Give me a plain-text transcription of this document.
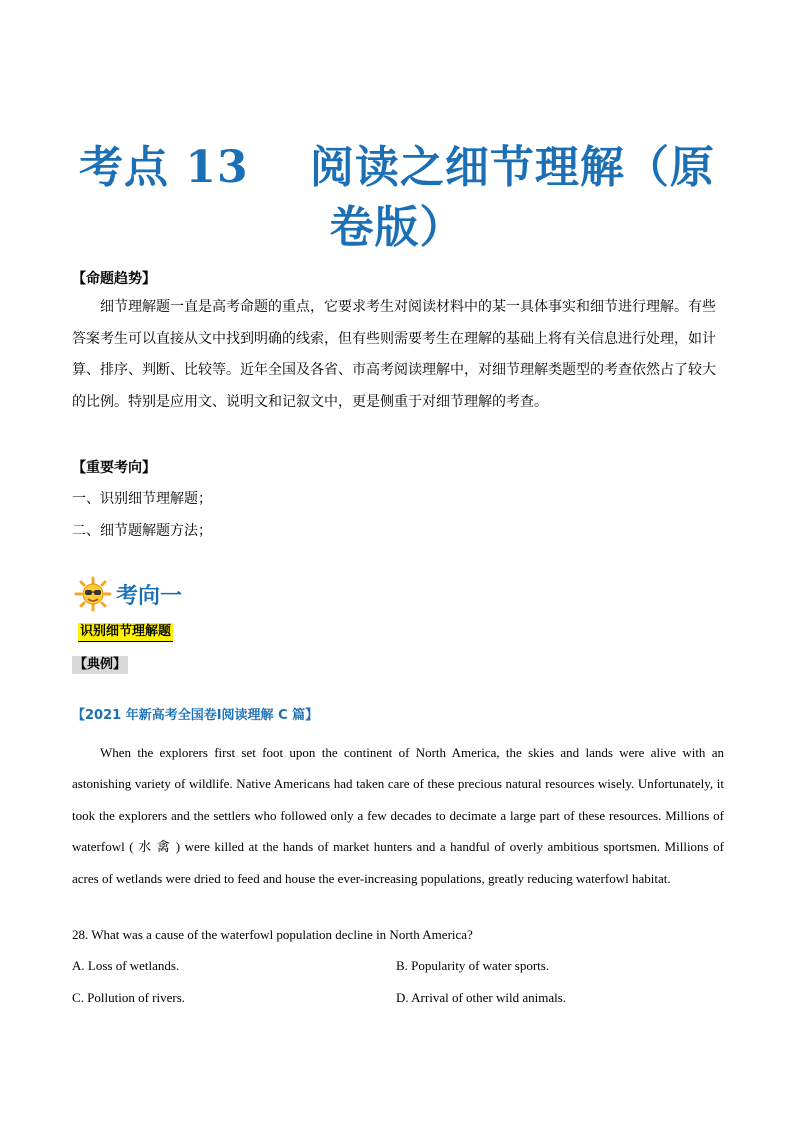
考点 13　 阅读之细节理解（原
卷版）
【命题趋势】
细节理解题一直是高考命题的重点，它要求考生对阅读材料中的某一具体事实和细节进行理解。有些答案考生可以直接从文中找到明确的线索，但有些则需要考生在理解的基础上将有关信息进行处理，如计算、排序、判断、比较等。近年全国及各省、市高考阅读理解中，对细节理解类题型的考查依然占了较大的比例。特别是应用文、说明文和记叙文中，更是侧重于对细节理解的考查。
【重要考向】
一、识别细节理解题；
二、细节题解题方法；
考向一
识别细节理解题
【典例】
【2021 年新高考全国卷Ⅰ阅读理解 C 篇】
When the explorers first set foot upon the continent of North America, the skies and lands were alive with an astonishing variety of wildlife. Native Americans had taken care of these precious natural resources wisely. Unfortunately, it took the explorers and the settlers who followed only a few decades to decimate a large part of these resources. Millions of waterfowl ( 水 禽 ) were killed at the hands of market hunters and a handful of overly ambitious sportsmen. Millions of acres of wetlands were dried to feed and house the ever-increasing populations, greatly reducing waterfowl habitat.
28. What was a cause of the waterfowl population decline in North America?
A. Loss of wetlands.	B. Popularity of water sports.
C. Pollution of rivers.	D. Arrival of other wild animals.
